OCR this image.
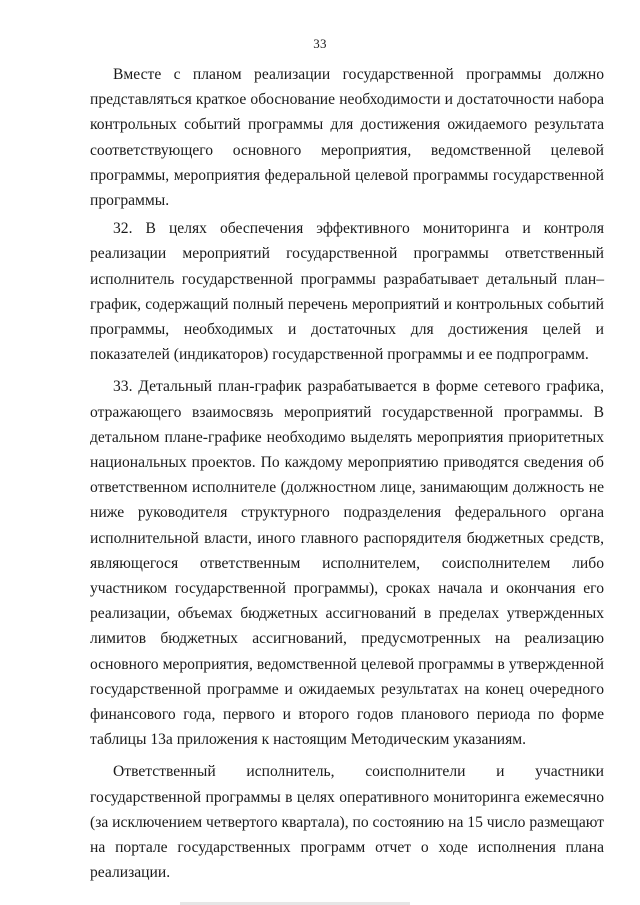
33

Вместе с планом реализации государственной программы должно представляться краткое обоснование необходимости и достаточности набора контрольных событий программы для достижения ожидаемого результата соответствующего основного мероприятия, ведомственной целевой программы, мероприятия федеральной целевой программы государственной программы.

32. В целях обеспечения эффективного мониторинга и контроля реализации мероприятий государственной программы ответственный исполнитель государственной программы разрабатывает детальный план–график, содержащий полный перечень мероприятий и контрольных событий программы, необходимых и достаточных для достижения целей и показателей (индикаторов) государственной программы и ее подпрограмм.

33. Детальный план-график разрабатывается в форме сетевого графика, отражающего взаимосвязь мероприятий государственной программы. В детальном плане-графике необходимо выделять мероприятия приоритетных национальных проектов. По каждому мероприятию приводятся сведения об ответственном исполнителе (должностном лице, занимающим должность не ниже руководителя структурного подразделения федерального органа исполнительной власти, иного главного распорядителя бюджетных средств, являющегося ответственным исполнителем, соисполнителем либо участником государственной программы), сроках начала и окончания его реализации, объемах бюджетных ассигнований в пределах утвержденных лимитов бюджетных ассигнований, предусмотренных на реализацию основного мероприятия, ведомственной целевой программы в утвержденной государственной программе и ожидаемых результатах на конец очередного финансового года, первого и второго годов планового периода по форме таблицы 13а приложения к настоящим Методическим указаниям.

Ответственный исполнитель, соисполнители и участники государственной программы в целях оперативного мониторинга ежемесячно (за исключением четвертого квартала), по состоянию на 15 число размещают на портале государственных программ отчет о ходе исполнения плана реализации.
